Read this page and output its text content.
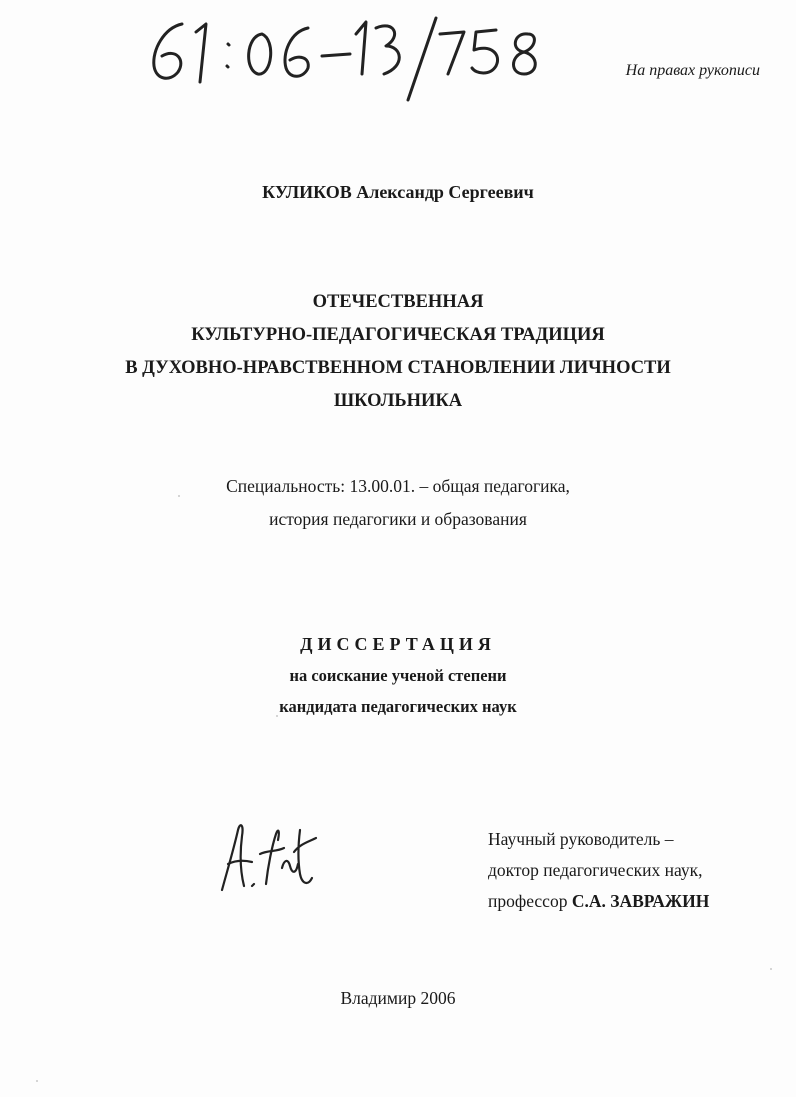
На правах рукописи
КУЛИКОВ Александр Сергеевич
ОТЕЧЕСТВЕННАЯ
КУЛЬТУРНО-ПЕДАГОГИЧЕСКАЯ ТРАДИЦИЯ
В ДУХОВНО-НРАВСТВЕННОМ СТАНОВЛЕНИИ ЛИЧНОСТИ
ШКОЛЬНИКА
Специальность: 13.00.01. – общая педагогика,
история педагогики и образования
ДИССЕРТАЦИЯ
на соискание ученой степени
кандидата педагогических наук
Научный руководитель –
доктор педагогических наук,
профессор С.А. ЗАВРАЖИН
Владимир 2006
